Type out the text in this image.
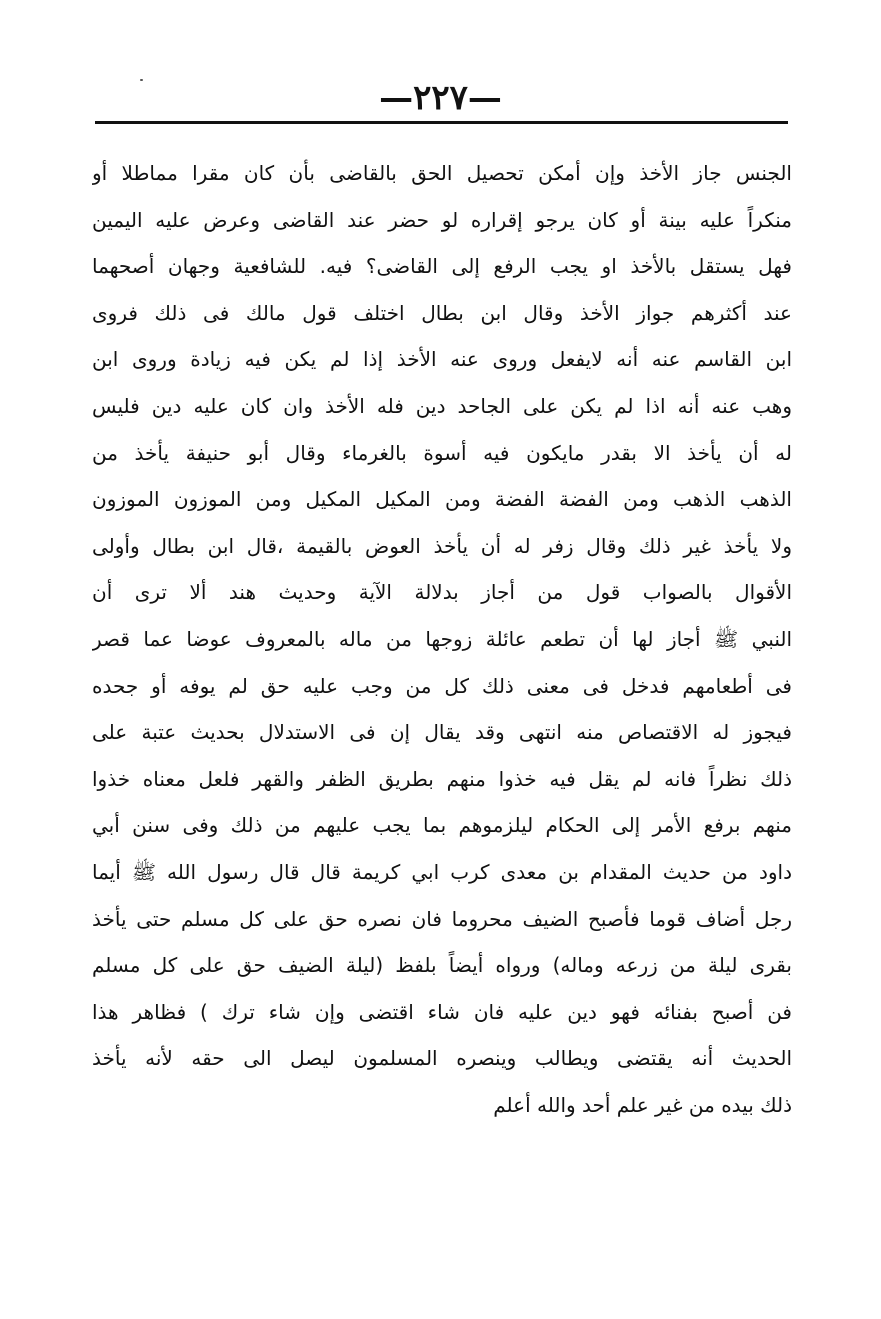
—٢٢٧—
الجنس جاز الأخذ وإن أمكن تحصيل الحق بالقاضى بأن كان مقرا مماطلا أو
منكراً عليه بينة أو كان يرجو إقراره لو حضر عند القاضى وعرض عليه اليمين
فهل يستقل بالأخذ او يجب الرفع إلى القاضى؟ فيه. للشافعية وجهان أصحهما
عند أكثرهم جواز الأخذ وقال ابن بطال اختلف قول مالك فى ذلك فروى
ابن القاسم عنه أنه لايفعل وروى عنه الأخذ إذا لم يكن فيه زيادة وروى ابن
وهب عنه أنه اذا لم يكن على الجاحد دين فله الأخذ وان كان عليه دين فليس
له أن يأخذ الا بقدر مايكون فيه أسوة بالغرماء وقال أبو حنيفة يأخذ من
الذهب الذهب ومن الفضة الفضة ومن المكيل المكيل ومن الموزون الموزون
ولا يأخذ غير ذلك وقال زفر له أن يأخذ العوض بالقيمة ،قال ابن بطال وأولى
الأقوال بالصواب قول من أجاز بدلالة الآية وحديث هند ألا ترى أن
النبي ﷺ أجاز لها أن تطعم عائلة زوجها من ماله بالمعروف عوضا عما قصر
فى أطعامهم فدخل فى معنى ذلك كل من وجب عليه حق لم يوفه أو جحده
فيجوز له الاقتصاص منه انتهى وقد يقال إن فى الاستدلال بحديث عتبة على
ذلك نظراً فانه لم يقل فيه خذوا منهم بطريق الظفر والقهر فلعل معناه خذوا
منهم برفع الأمر إلى الحكام ليلزموهم بما يجب عليهم من ذلك وفى سنن أبي
داود من حديث المقدام بن معدى كرب ابي كريمة قال قال رسول الله ﷺ أيما
رجل أضاف قوما فأصبح الضيف محروما فان نصره حق على كل مسلم حتى يأخذ
بقرى ليلة من زرعه وماله) ورواه أيضاً بلفظ (ليلة الضيف حق على كل مسلم
فن أصبح بفنائه فهو دين عليه فان شاء اقتضى وإن شاء ترك ) فظاهر هذا
الحديث أنه يقتضى ويطالب وينصره المسلمون ليصل الى حقه لأنه يأخذ
ذلك بيده من غير علم أحد والله أعلم
